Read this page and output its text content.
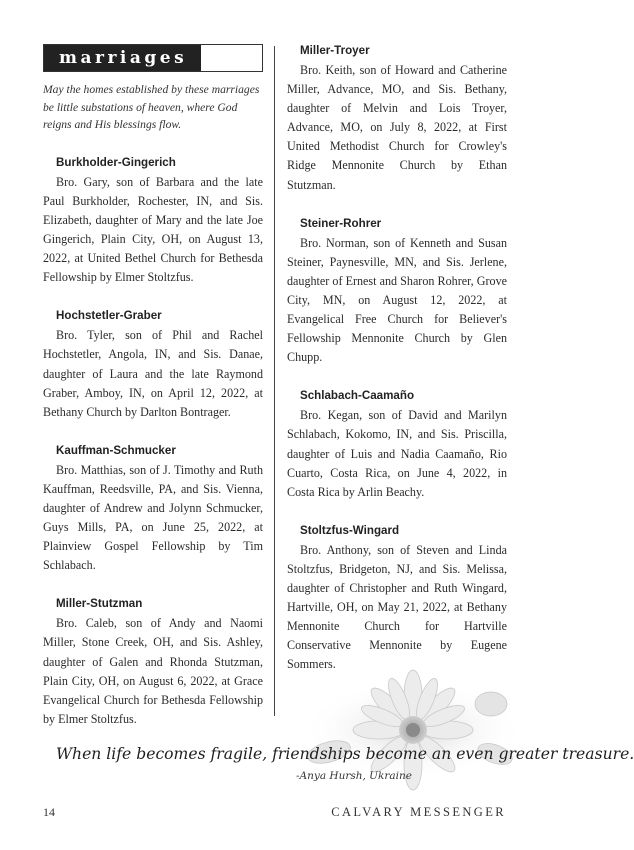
marriages

May the homes established by these marriages be little substations of heaven, where God reigns and His blessings flow.

Burkholder-Gingerich

Bro. Gary, son of Barbara and the late Paul Burkholder, Rochester, IN, and Sis. Elizabeth, daughter of Mary and the late Joe Gingerich, Plain City, OH, on August 13, 2022, at United Bethel Church for Bethesda Fellowship by Elmer Stoltzfus.

Hochstetler-Graber

Bro. Tyler, son of Phil and Rachel Hochstetler, Angola, IN, and Sis. Danae, daughter of Laura and the late Raymond Graber, Amboy, IN, on April 12, 2022, at Bethany Church by Darlton Bontrager.

Kauffman-Schmucker

Bro. Matthias, son of J. Timothy and Ruth Kauffman, Reedsville, PA, and Sis. Vienna, daughter of Andrew and Jolynn Schmucker, Guys Mills, PA, on June 25, 2022, at Plainview Gospel Fellowship by Tim Schlabach.

Miller-Stutzman

Bro. Caleb, son of Andy and Naomi Miller, Stone Creek, OH, and Sis. Ashley, daughter of Galen and Rhonda Stutzman, Plain City, OH, on August 6, 2022, at Grace Evangelical Church for Bethesda Fellowship by Elmer Stoltzfus.

Miller-Troyer

Bro. Keith, son of Howard and Catherine Miller, Advance, MO, and Sis. Bethany, daughter of Melvin and Lois Troyer, Advance, MO, on July 8, 2022, at First United Methodist Church for Crowley's Ridge Mennonite Church by Ethan Stutzman.

Steiner-Rohrer

Bro. Norman, son of Kenneth and Susan Steiner, Paynesville, MN, and Sis. Jerlene, daughter of Ernest and Sharon Rohrer, Grove City, MN, on August 12, 2022, at Evangelical Free Church for Believer's Fellowship Mennonite Church by Glen Chupp.

Schlabach-Caamaño

Bro. Kegan, son of David and Marilyn Schlabach, Kokomo, IN, and Sis. Priscilla, daughter of Luis and Nadia Caamaño, Rio Cuarto, Costa Rica, on June 4, 2022, in Costa Rica by Arlin Beachy.

Stoltzfus-Wingard

Bro. Anthony, son of Steven and Linda Stoltzfus, Bridgeton, NJ, and Sis. Melissa, daughter of Christopher and Ruth Wingard, Hartville, OH, on May 21, 2022, at Bethany Mennonite Church for Hartville Conservative Mennonite by Eugene Sommers.

When life becomes fragile, friendships become an even greater treasure.
-Anya Hursh, Ukraine
14	CALVARY MESSENGER
